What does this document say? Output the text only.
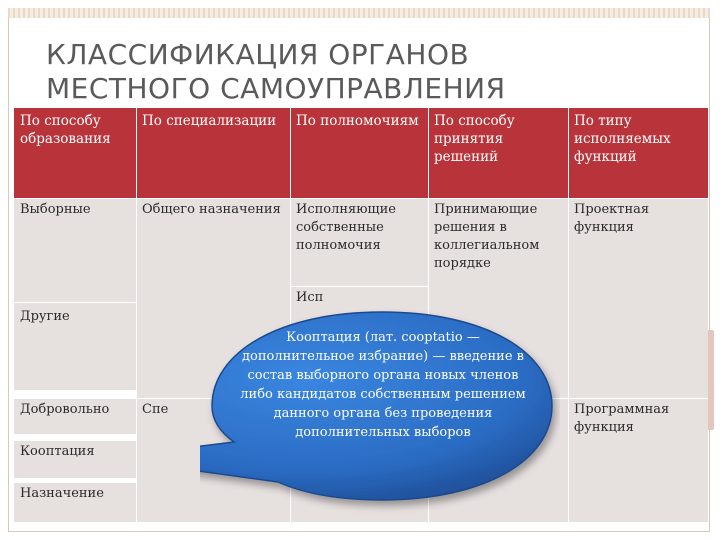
КЛАССИФИКАЦИЯ ОРГАНОВ
МЕСТНОГО САМОУПРАВЛЕНИЯ
По способу образования
По специализации	По полномочиям	По способу принятия решений
По типу исполняемых функций
Выборные
Другие
Добровольно
Кооптация
Назначение
Общего назначения
Спе
Исполняющие собственные полномочия
Исп
Принимающие решения в коллегиальном порядке
Проектная функция
Программная функция
Кооптация (лат. cooptatio — дополнительное избрание) — введение в состав выборного органа новых членов либо кандидатов собственным решением данного органа без проведения дополнительных выборов
